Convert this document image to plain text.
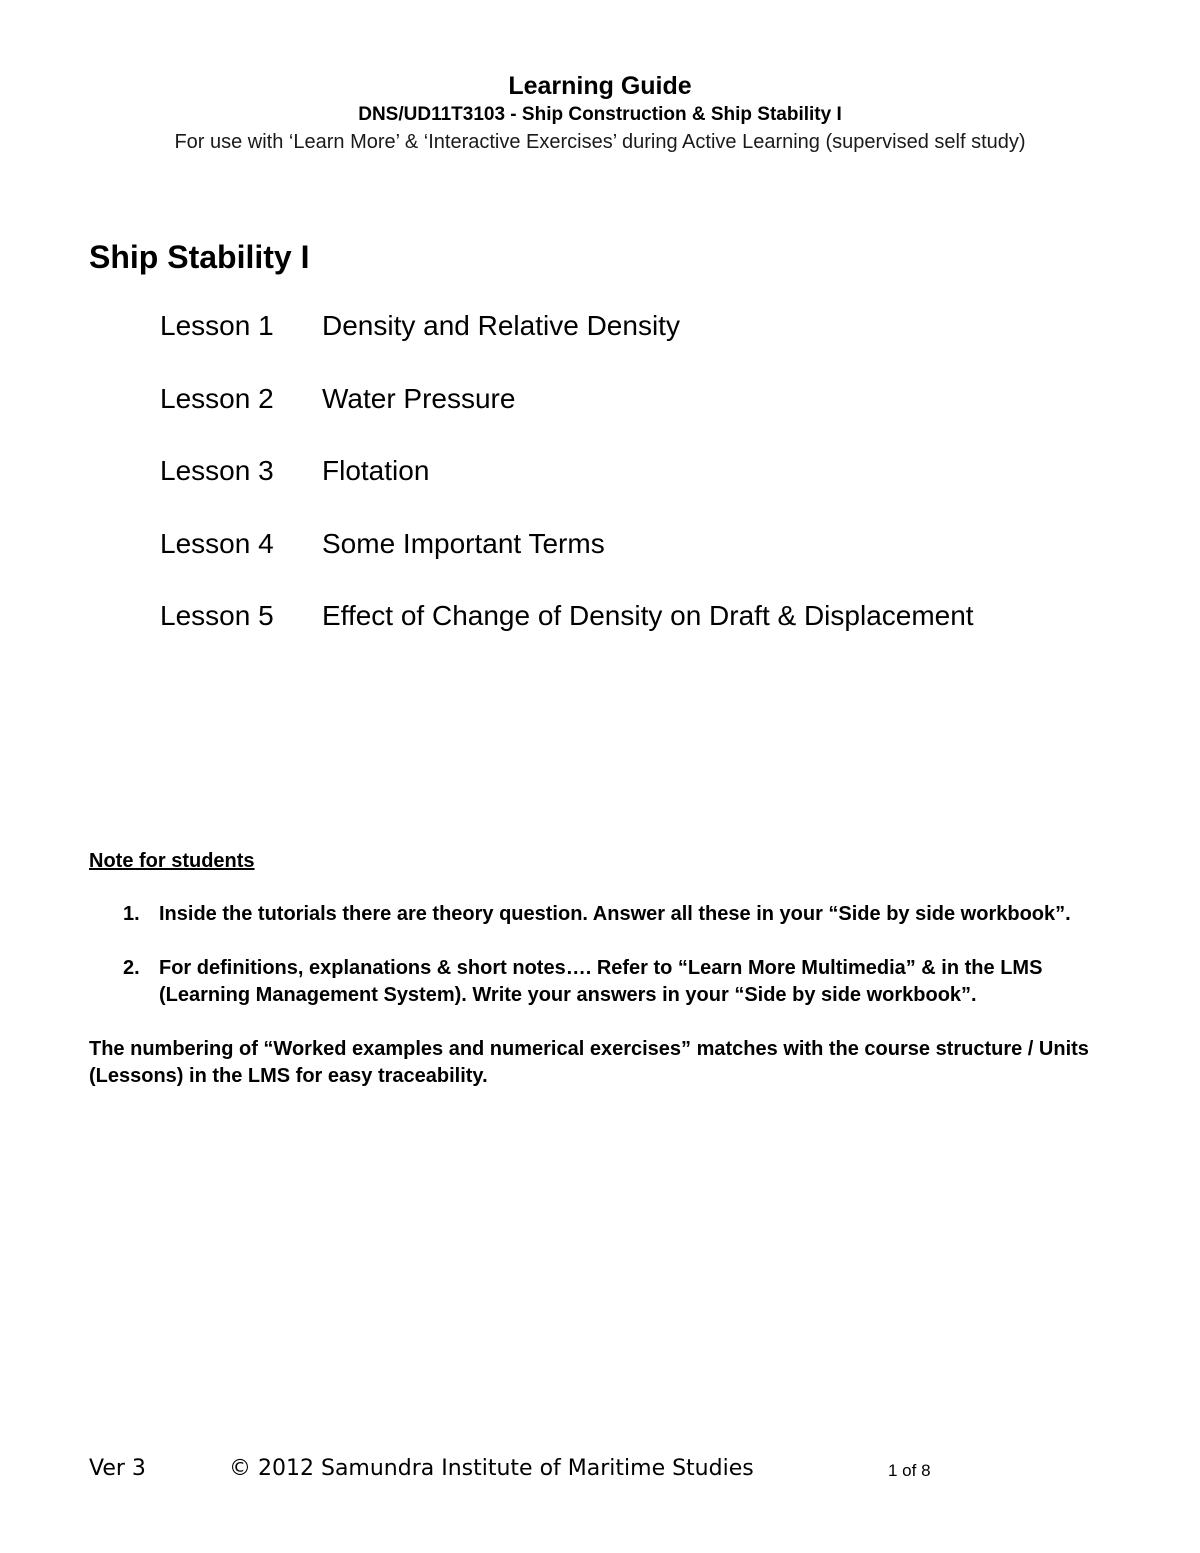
Learning Guide
DNS/UD11T3103 - Ship Construction & Ship Stability I
For use with ‘Learn More’ & ‘Interactive Exercises’ during Active Learning (supervised self study)
Ship Stability I
Lesson 1 Density and Relative Density
Lesson 2 Water Pressure
Lesson 3 Flotation
Lesson 4 Some Important Terms
Lesson 5 Effect of Change of Density on Draft & Displacement
Note for students
1. Inside the tutorials there are theory question. Answer all these in your “Side by side workbook”.
2. For definitions, explanations & short notes…. Refer to “Learn More Multimedia” & in the LMS (Learning Management System). Write your answers in your “Side by side workbook”.

The numbering of “Worked examples and numerical exercises” matches with the course structure / Units (Lessons) in the LMS for easy traceability.

Ver 3	© 2012 Samundra Institute of Maritime Studies	1 of 8
